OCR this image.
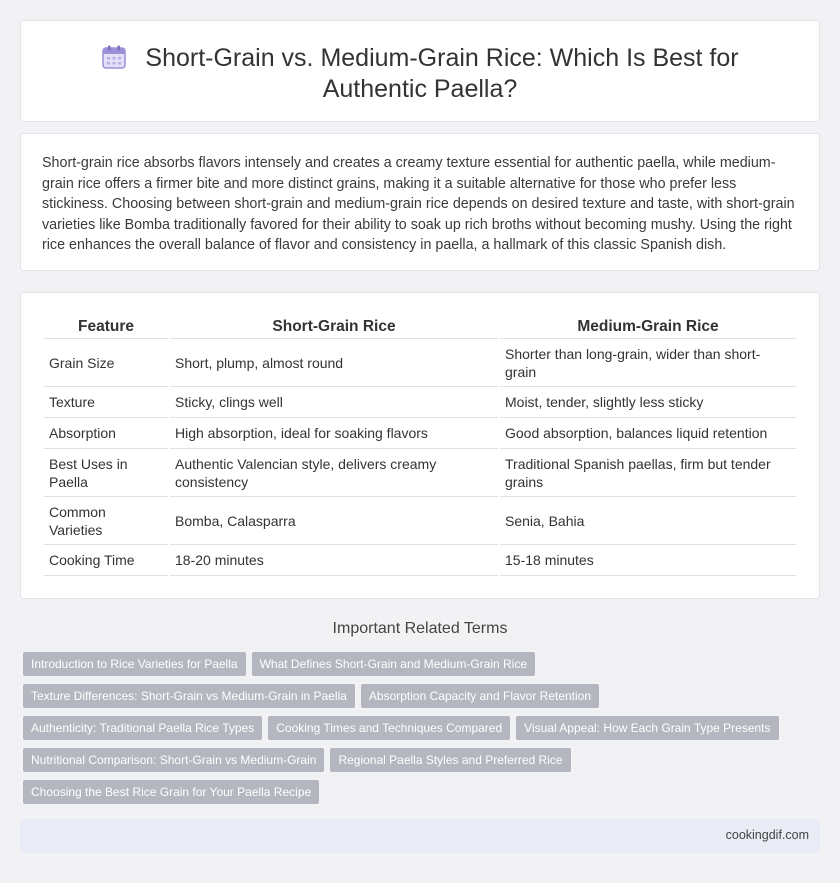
Short-Grain vs. Medium-Grain Rice: Which Is Best for Authentic Paella?

Short-grain rice absorbs flavors intensely and creates a creamy texture essential for authentic paella, while medium-grain rice offers a firmer bite and more distinct grains, making it a suitable alternative for those who prefer less stickiness. Choosing between short-grain and medium-grain rice depends on desired texture and taste, with short-grain varieties like Bomba traditionally favored for their ability to soak up rich broths without becoming mushy. Using the right rice enhances the overall balance of flavor and consistency in paella, a hallmark of this classic Spanish dish.

Feature	Short-Grain Rice	Medium-Grain Rice
Grain Size	Short, plump, almost round	Shorter than long-grain, wider than short-grain
Texture	Sticky, clings well	Moist, tender, slightly less sticky
Absorption	High absorption, ideal for soaking flavors	Good absorption, balances liquid retention
Best Uses in Paella	Authentic Valencian style, delivers creamy consistency	Traditional Spanish paellas, firm but tender grains
Common Varieties	Bomba, Calasparra	Senia, Bahia
Cooking Time	18-20 minutes	15-18 minutes
Important Related Terms
Introduction to Rice Varieties for Paella	What Defines Short-Grain and Medium-Grain Rice
Texture Differences: Short-Grain vs Medium-Grain in Paella	Absorption Capacity and Flavor Retention
Authenticity: Traditional Paella Rice Types	Cooking Times and Techniques Compared	Visual Appeal: How Each Grain Type Presents
Nutritional Comparison: Short-Grain vs Medium-Grain	Regional Paella Styles and Preferred Rice
Choosing the Best Rice Grain for Your Paella Recipe
cookingdif.com
